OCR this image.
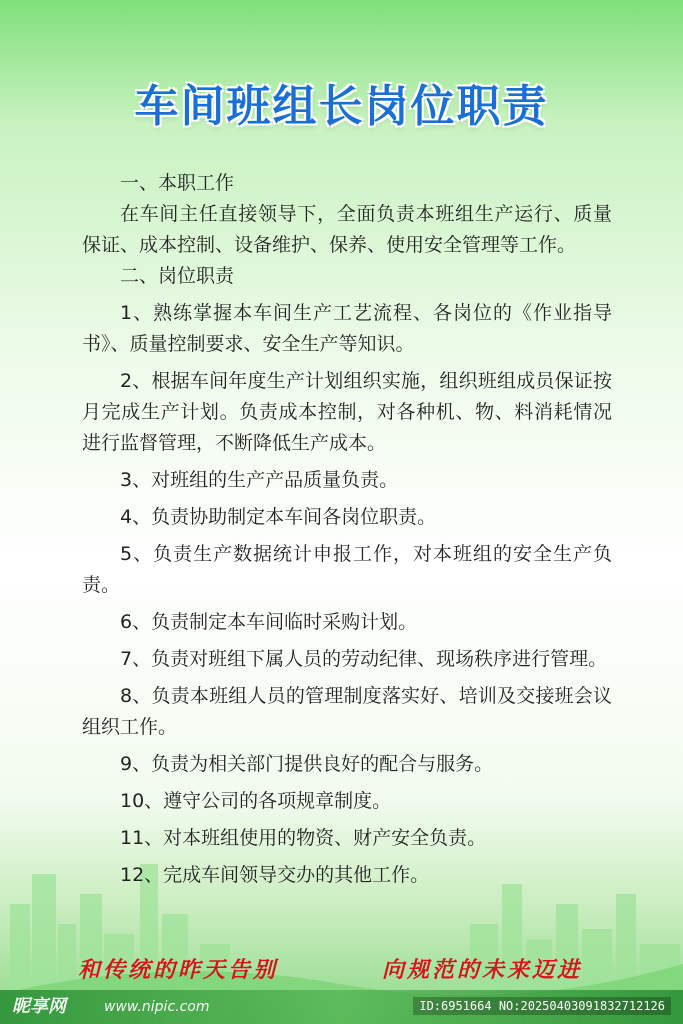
车间班组长岗位职责

一、本职工作

在车间主任直接领导下，全面负责本班组生产运行、质量保证、成本控制、设备维护、保养、使用安全管理等工作。

二、岗位职责

1、熟练掌握本车间生产工艺流程、各岗位的《作业指导书》、质量控制要求、安全生产等知识。

2、根据车间年度生产计划组织实施，组织班组成员保证按月完成生产计划。负责成本控制，对各种机、物、料消耗情况进行监督管理，不断降低生产成本。

3、对班组的生产产品质量负责。

4、负责协助制定本车间各岗位职责。

5、负责生产数据统计申报工作，对本班组的安全生产负责。

6、负责制定本车间临时采购计划。

7、负责对班组下属人员的劳动纪律、现场秩序进行管理。

8、负责本班组人员的管理制度落实好、培训及交接班会议组织工作。

9、负责为相关部门提供良好的配合与服务。

10、遵守公司的各项规章制度。

11、对本班组使用的物资、财产安全负责。

12、完成车间领导交办的其他工作。

和传统的昨天告别	向规范的未来迈进
昵享网	www.nipic.com	ID:6951664 NO:20250403091832712126
